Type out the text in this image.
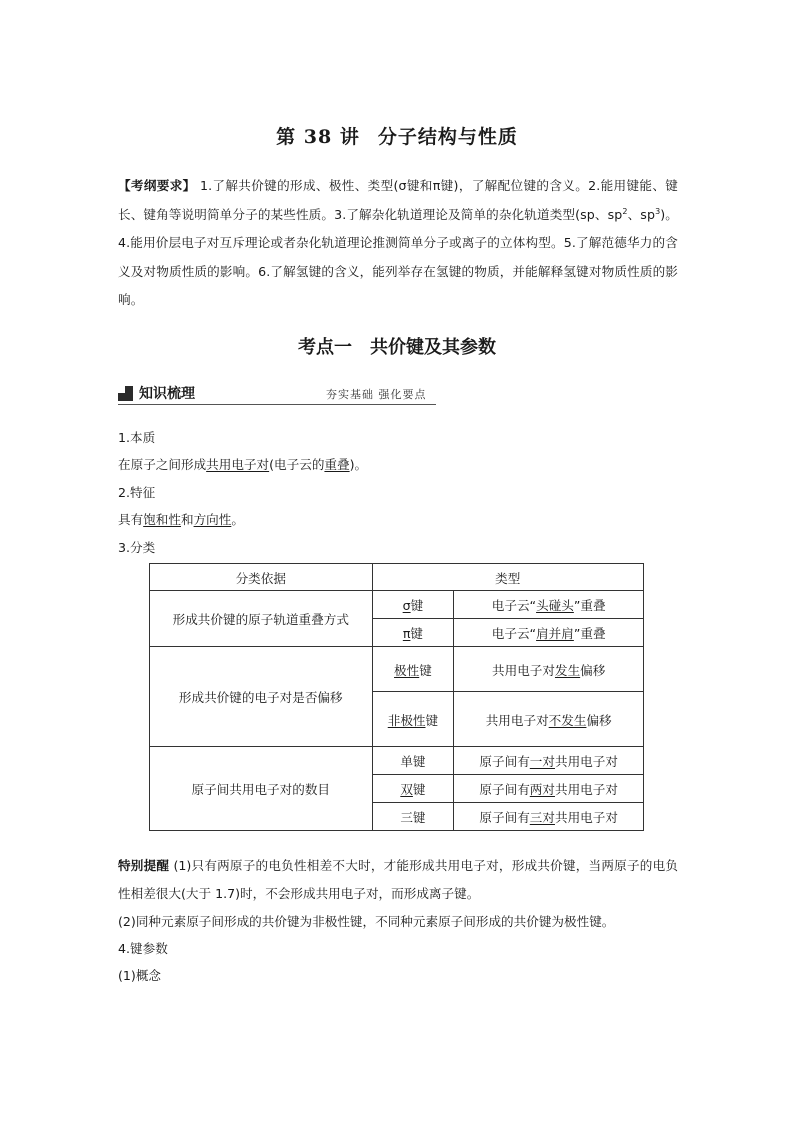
第 38 讲 分子结构与性质
【考纲要求】 1.了解共价键的形成、极性、类型(σ键和π键)，了解配位键的含义。2.能用键能、键长、键角等说明简单分子的某些性质。3.了解杂化轨道理论及简单的杂化轨道类型(sp、$sp^2$、$sp^3$)。4.能用价层电子对互斥理论或者杂化轨道理论推测简单分子或离子的立体构型。5.了解范德华力的含义及对物质性质的影响。6.了解氢键的含义，能列举存在氢键的物质，并能解释氢键对物质性质的影响。
考点一 共价键及其参数
知识梳理	夯实基础 强化要点
1.本质
在原子之间形成共用电子对(电子云的重叠)。
2.特征
具有饱和性和方向性。
3.分类
分类依据	类型	
形成共价键的原子轨道重叠方式	σ键	电子云“头碰头”重叠
	π键	电子云“肩并肩”重叠
形成共价键的电子对是否偏移	极性键	共用电子对发生偏移
	非极性键	共用电子对不发生偏移
原子间共用电子对的数目	单键	原子间有一对共用电子对
	双键	原子间有两对共用电子对
	三键	原子间有三对共用电子对
特别提醒 (1)只有两原子的电负性相差不大时，才能形成共用电子对，形成共价键，当两原子的电负性相差很大(大于 1.7)时，不会形成共用电子对，而形成离子键。
(2)同种元素原子间形成的共价键为非极性键，不同种元素原子间形成的共价键为极性键。
4.键参数
(1)概念
